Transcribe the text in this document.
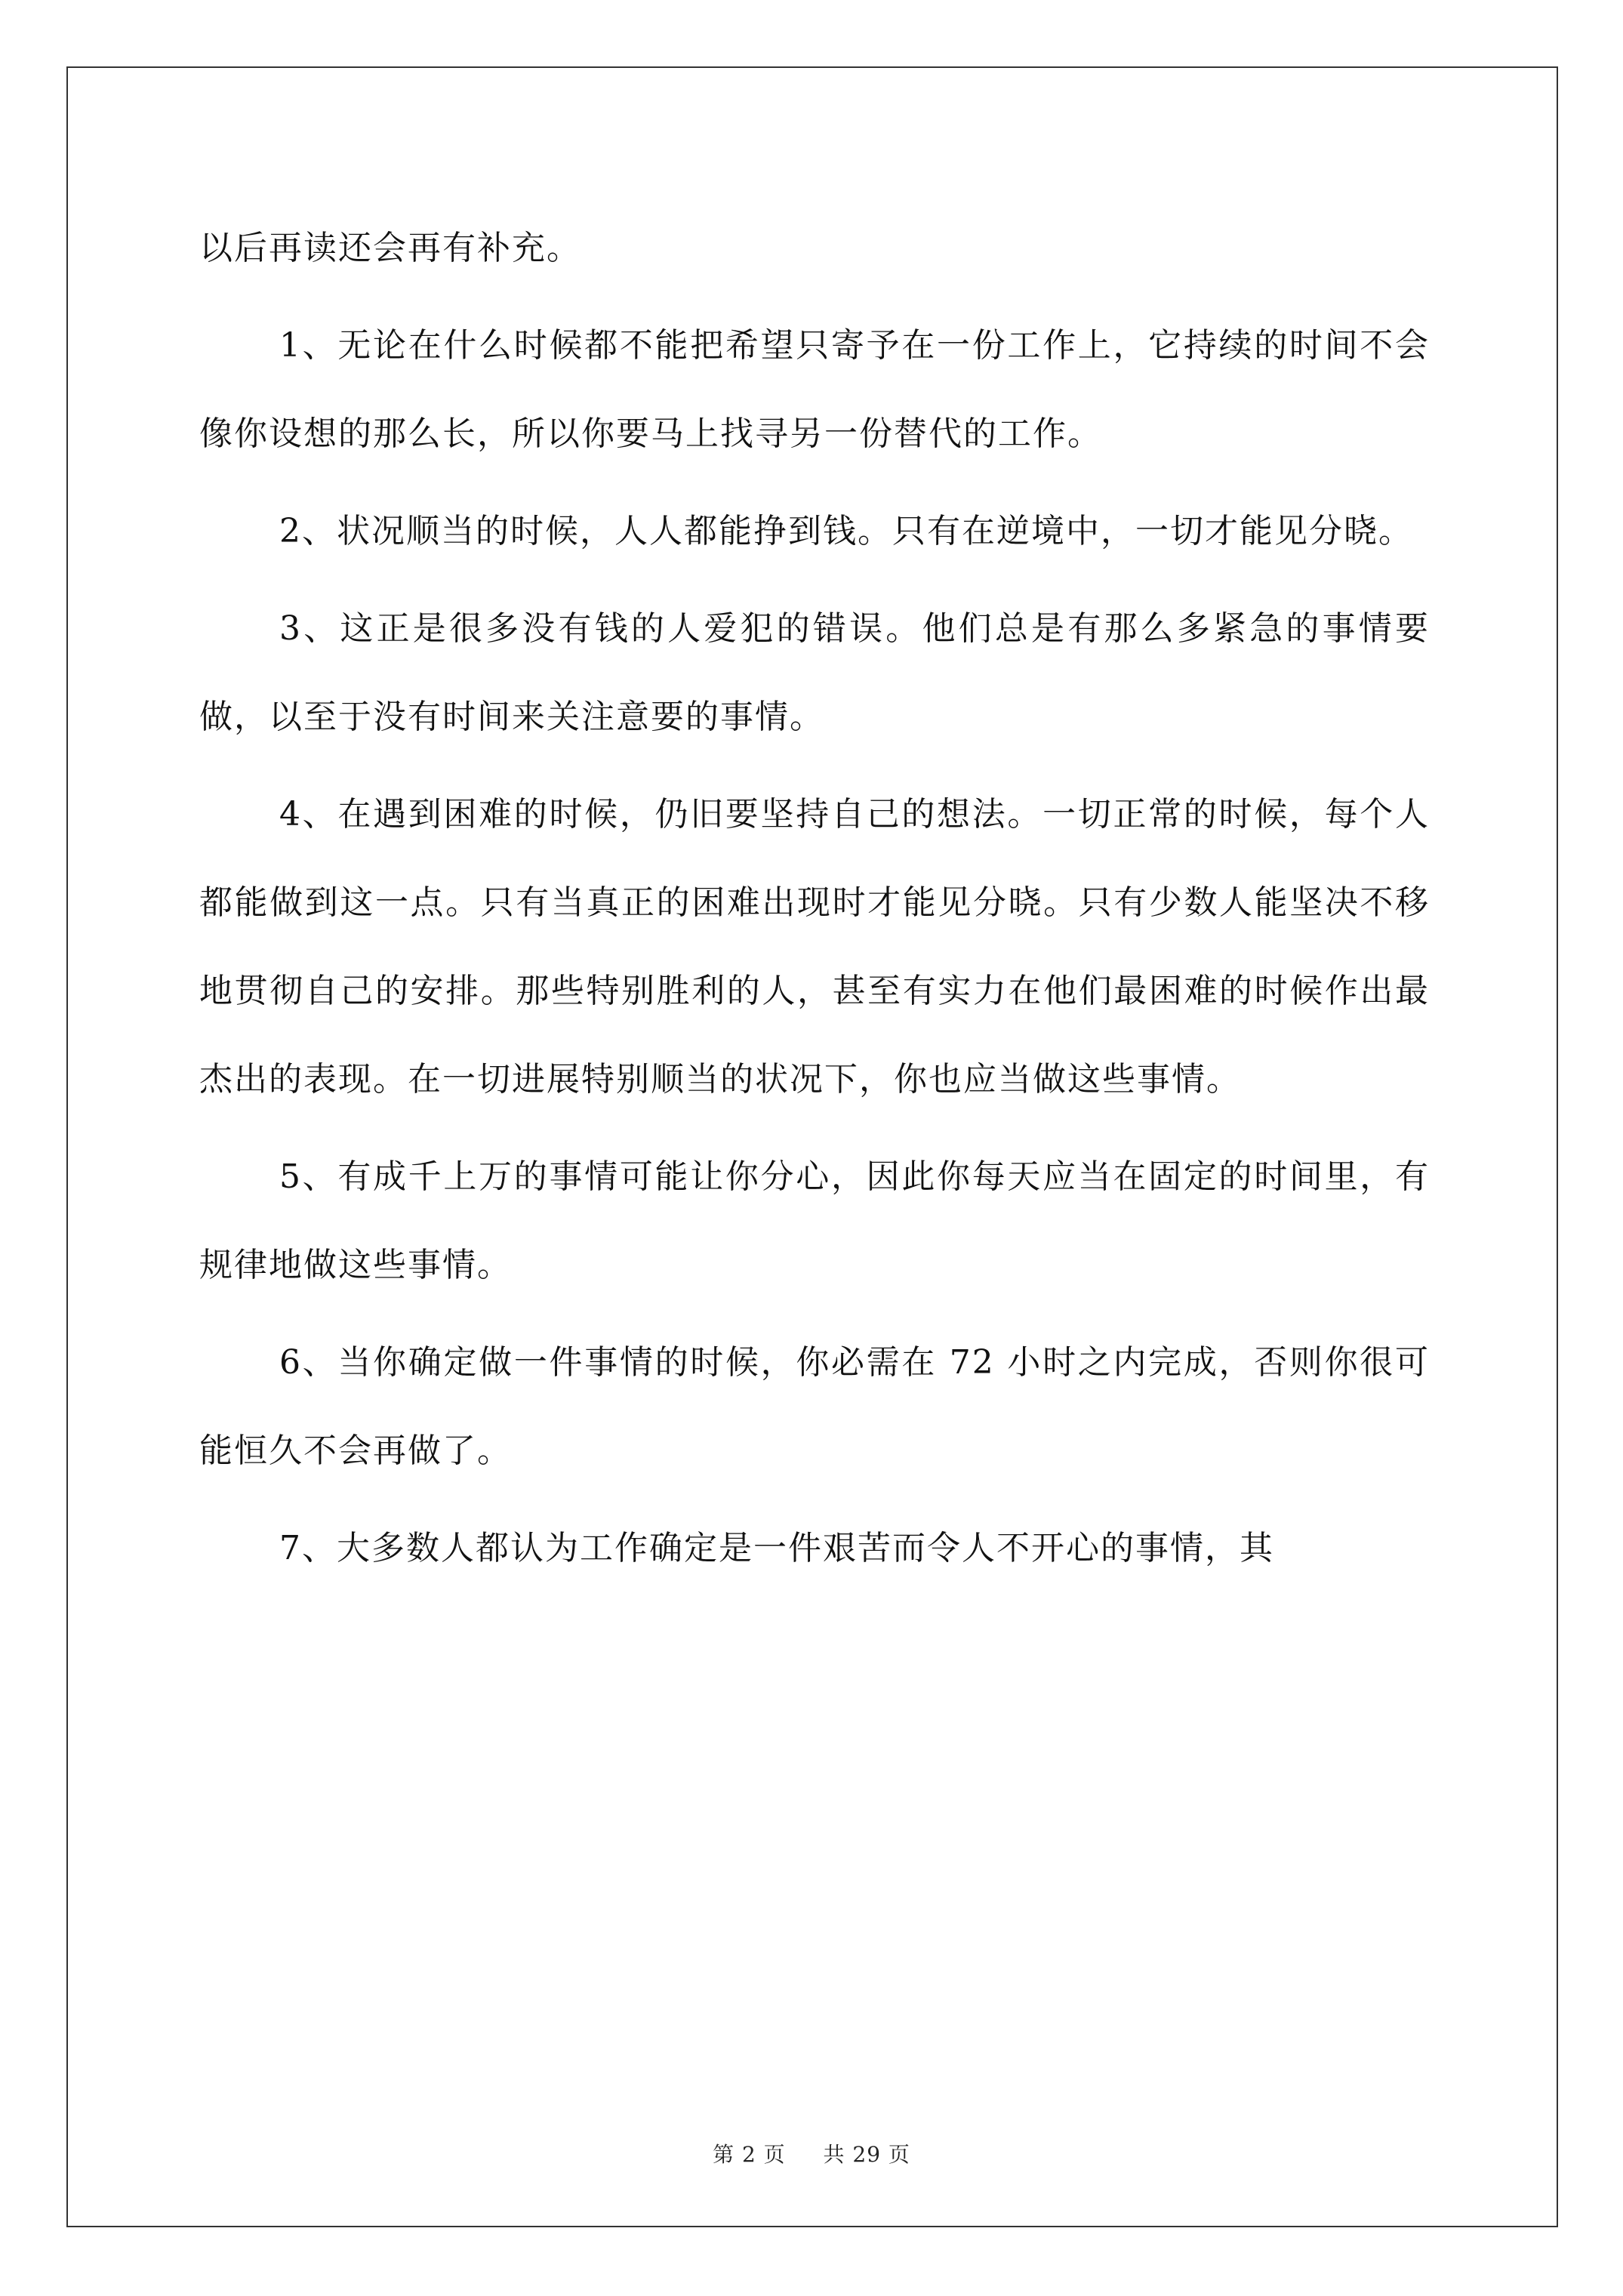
以后再读还会再有补充。

1、无论在什么时候都不能把希望只寄予在一份工作上，它持续的时间不会像你设想的那么长，所以你要马上找寻另一份替代的工作。

2、状况顺当的时候，人人都能挣到钱。只有在逆境中，一切才能见分晓。

3、这正是很多没有钱的人爱犯的错误。他们总是有那么多紧急的事情要做，以至于没有时间来关注意要的事情。

4、在遇到困难的时候，仍旧要坚持自己的想法。一切正常的时候，每个人都能做到这一点。只有当真正的困难出现时才能见分晓。只有少数人能坚决不移地贯彻自己的安排。那些特别胜利的人，甚至有实力在他们最困难的时候作出最杰出的表现。在一切进展特别顺当的状况下，你也应当做这些事情。

5、有成千上万的事情可能让你分心，因此你每天应当在固定的时间里，有规律地做这些事情。

6、当你确定做一件事情的时候，你必需在 72 小时之内完成，否则你很可能恒久不会再做了。

7、大多数人都认为工作确定是一件艰苦而令人不开心的事情，其

第 2 页 共 29 页
